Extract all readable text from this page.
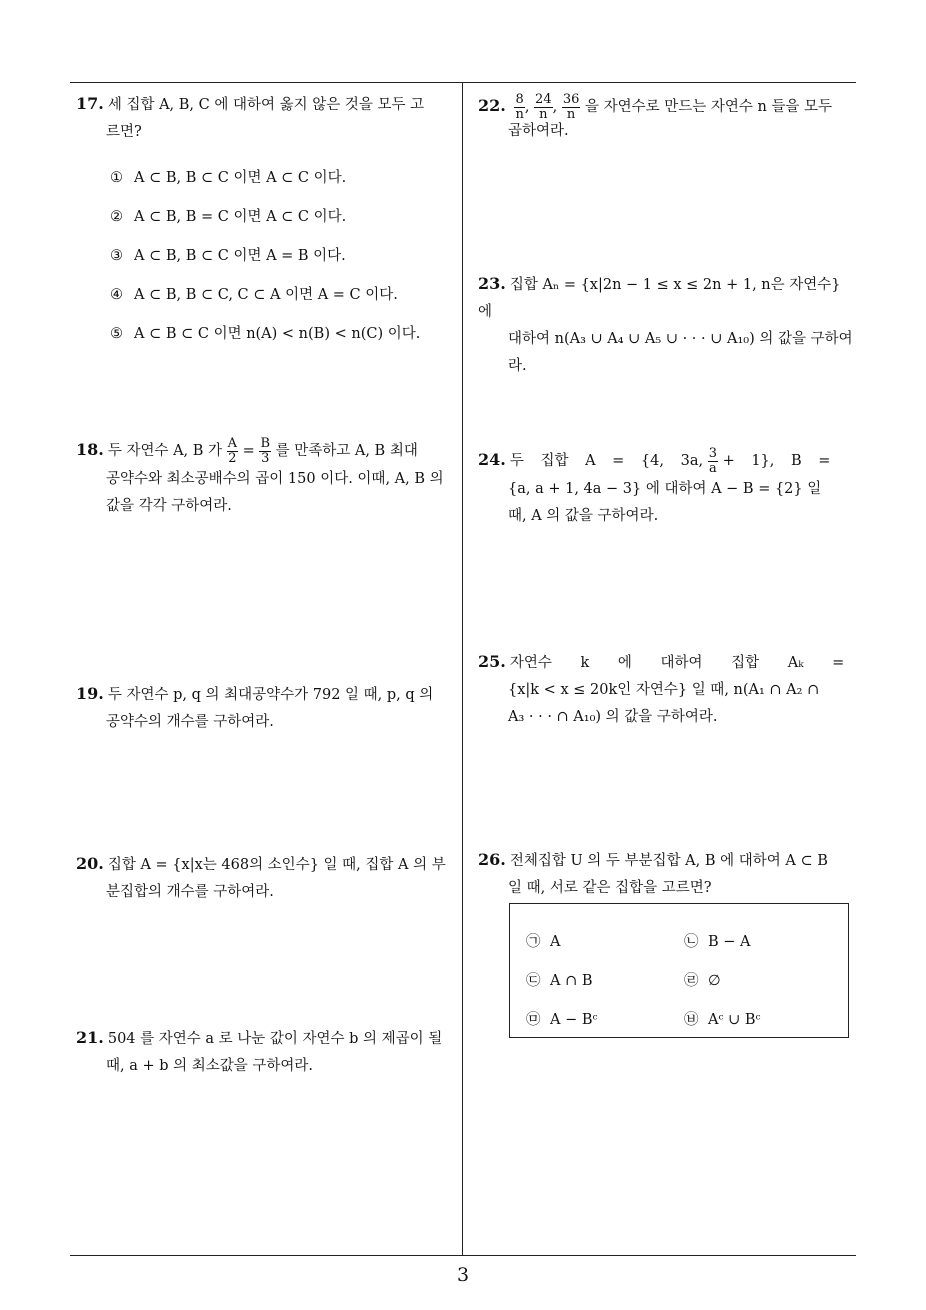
17. 세 집합 A, B, C 에 대하여 옳지 않은 것을 모두 고
르면?
① A ⊂ B, B ⊂ C 이면 A ⊂ C 이다.
② A ⊂ B, B = C 이면 A ⊂ C 이다.
③ A ⊂ B, B ⊂ C 이면 A = B 이다.
④ A ⊂ B, B ⊂ C, C ⊂ A 이면 A = C 이다.
⑤ A ⊂ B ⊂ C 이면 n(A) < n(B) < n(C) 이다.
18. 두 자연수 A, B 가 $\frac{A}{2} = \frac{B}{3}$ 를 만족하고 A, B 최대
공약수와 최소공배수의 곱이 150 이다. 이때, A, B 의
값을 각각 구하여라.
19. 두 자연수 p, q 의 최대공약수가 792 일 때, p, q 의
공약수의 개수를 구하여라.
20. 집합 A = {x|x는 468의 소인수} 일 때, 집합 A 의 부
분집합의 개수를 구하여라.
21. 504 를 자연수 a 로 나눈 값이 자연수 b 의 제곱이 될
때, a + b 의 최소값을 구하여라.
22. $\frac{8}{n}$ , $\frac{24}{n}$ , $\frac{36}{n}$ 을 자연수로 만드는 자연수 n 들을 모두
곱하여라.
23. 집합 Aₙ = {x|2n − 1 ≤ x ≤ 2n + 1, n은 자연수} 에
대하여 n(A₃ ∪ A₄ ∪ A₅ ∪ · · · ∪ A₁₀) 의 값을 구하여라.
24. 두 집합 A = {4, 3a, $\frac{3}{a} + 1$}, B =
{a, a + 1, 4a − 3} 에 대하여 A − B = {2} 일
때, A 의 값을 구하여라.
25. 자연수 k 에 대하여 집합 Aₖ =
{x|k < x ≤ 20k인 자연수} 일 때, n(A₁ ∩ A₂ ∩
A₃ · · · ∩ A₁₀) 의 값을 구하여라.
26. 전체집합 U 의 두 부분집합 A, B 에 대하여 A ⊂ B
일 때, 서로 같은 집합을 고르면?
㉠ A	㉡ B − A
㉢ A ∩ B	㉣ ∅
㉤ A − Bᶜ	㉥ Aᶜ ∪ Bᶜ
3
